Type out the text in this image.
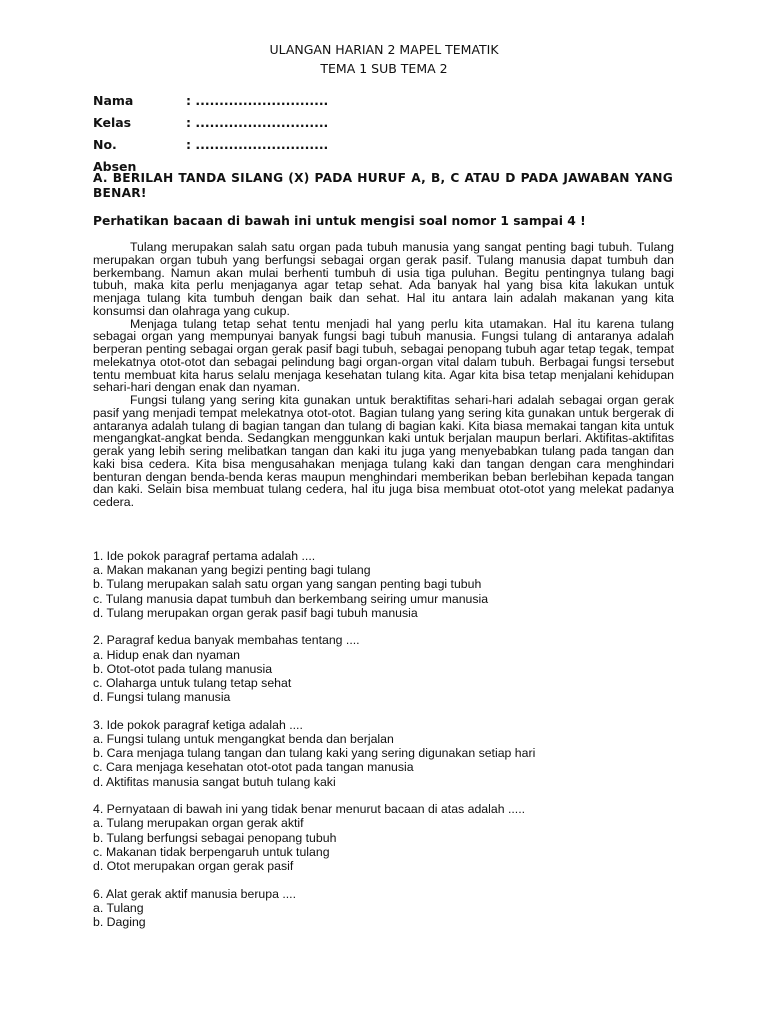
ULANGAN HARIAN 2 MAPEL TEMATIK
TEMA 1 SUB TEMA 2
Nama	: ............................
Kelas	: ............................
No. Absen
: ............................
A. BERILAH TANDA SILANG (X) PADA HURUF A, B, C ATAU D PADA JAWABAN YANG BENAR!
Perhatikan bacaan di bawah ini untuk mengisi soal nomor 1 sampai 4 !

Tulang merupakan salah satu organ pada tubuh manusia yang sangat penting bagi tubuh. Tulang merupakan organ tubuh yang berfungsi sebagai organ gerak pasif. Tulang manusia dapat tumbuh dan berkembang. Namun akan mulai berhenti tumbuh di usia tiga puluhan. Begitu pentingnya tulang bagi tubuh, maka kita perlu menjaganya agar tetap sehat. Ada banyak hal yang bisa kita lakukan untuk menjaga tulang kita tumbuh dengan baik dan sehat. Hal itu antara lain adalah makanan yang kita konsumsi dan olahraga yang cukup.

Menjaga tulang tetap sehat tentu menjadi hal yang perlu kita utamakan. Hal itu karena tulang sebagai organ yang mempunyai banyak fungsi bagi tubuh manusia. Fungsi tulang di antaranya adalah berperan penting sebagai organ gerak pasif bagi tubuh, sebagai penopang tubuh agar tetap tegak, tempat melekatnya otot-otot dan sebagai pelindung bagi organ-organ vital dalam tubuh. Berbagai fungsi tersebut tentu membuat kita harus selalu menjaga kesehatan tulang kita. Agar kita bisa tetap menjalani kehidupan sehari-hari dengan enak dan nyaman.

Fungsi tulang yang sering kita gunakan untuk beraktifitas sehari-hari adalah sebagai organ gerak pasif yang menjadi tempat melekatnya otot-otot. Bagian tulang yang sering kita gunakan untuk bergerak di antaranya adalah tulang di bagian tangan dan tulang di bagian kaki. Kita biasa memakai tangan kita untuk mengangkat-angkat benda. Sedangkan menggunkan kaki untuk berjalan maupun berlari. Aktifitas-aktifitas gerak yang lebih sering melibatkan tangan dan kaki itu juga yang menyebabkan tulang pada tangan dan kaki bisa cedera. Kita bisa mengusahakan menjaga tulang kaki dan tangan dengan cara menghindari benturan dengan benda-benda keras maupun menghindari memberikan beban berlebihan kepada tangan dan kaki. Selain bisa membuat tulang cedera, hal itu juga bisa membuat otot-otot yang melekat padanya cedera.

1. Ide pokok paragraf pertama adalah ....
a. Makan makanan yang begizi penting bagi tulang
b. Tulang merupakan salah satu organ yang sangan penting bagi tubuh
c. Tulang manusia dapat tumbuh dan berkembang seiring umur manusia
d. Tulang merupakan organ gerak pasif bagi tubuh manusia
2. Paragraf kedua banyak membahas tentang ....
a. Hidup enak dan nyaman
b. Otot-otot pada tulang manusia
c. Olaharga untuk tulang tetap sehat
d. Fungsi tulang manusia
3. Ide pokok paragraf ketiga adalah ....
a. Fungsi tulang untuk mengangkat benda dan berjalan
b. Cara menjaga tulang tangan dan tulang kaki yang sering digunakan setiap hari
c. Cara menjaga kesehatan otot-otot pada tangan manusia
d. Aktifitas manusia sangat butuh tulang kaki
4. Pernyataan di bawah ini yang tidak benar menurut bacaan di atas adalah .....
a. Tulang merupakan organ gerak aktif
b. Tulang berfungsi sebagai penopang tubuh
c. Makanan tidak berpengaruh untuk tulang
d. Otot merupakan organ gerak pasif
6. Alat gerak aktif manusia berupa ....
a. Tulang
b. Daging
